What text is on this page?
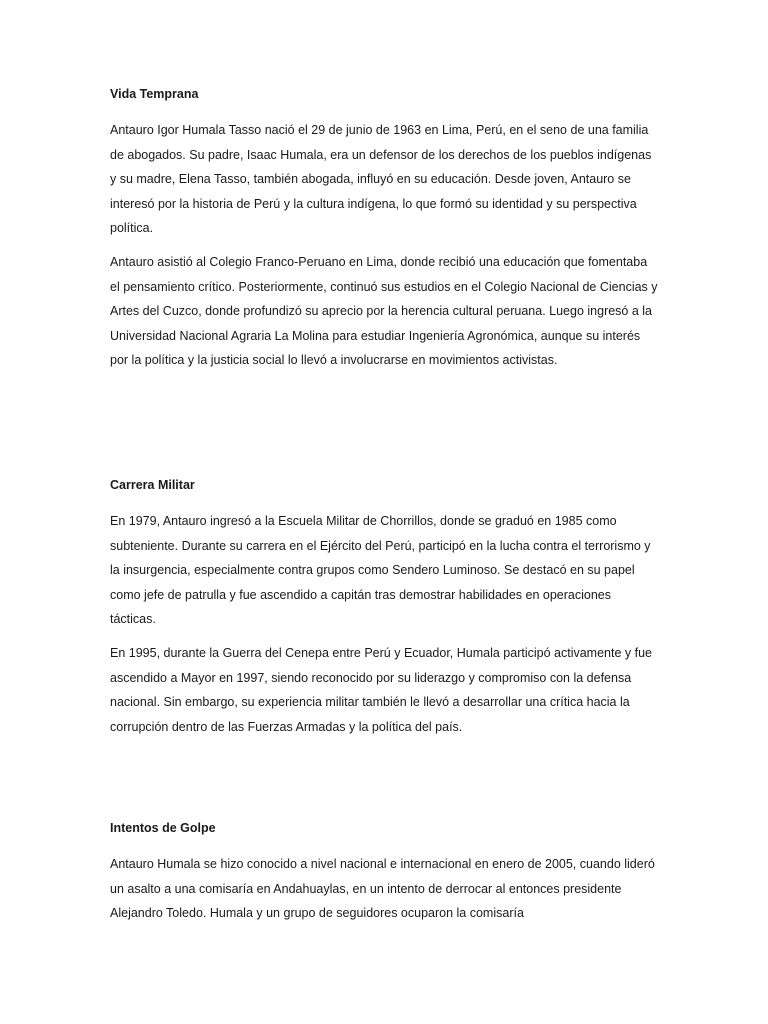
Vida Temprana

Antauro Igor Humala Tasso nació el 29 de junio de 1963 en Lima, Perú, en el seno de una familia de abogados. Su padre, Isaac Humala, era un defensor de los derechos de los pueblos indígenas y su madre, Elena Tasso, también abogada, influyó en su educación. Desde joven, Antauro se interesó por la historia de Perú y la cultura indígena, lo que formó su identidad y su perspectiva política.

Antauro asistió al Colegio Franco-Peruano en Lima, donde recibió una educación que fomentaba el pensamiento crítico. Posteriormente, continuó sus estudios en el Colegio Nacional de Ciencias y Artes del Cuzco, donde profundizó su aprecio por la herencia cultural peruana. Luego ingresó a la Universidad Nacional Agraria La Molina para estudiar Ingeniería Agronómica, aunque su interés por la política y la justicia social lo llevó a involucrarse en movimientos activistas.

Carrera Militar

En 1979, Antauro ingresó a la Escuela Militar de Chorrillos, donde se graduó en 1985 como subteniente. Durante su carrera en el Ejército del Perú, participó en la lucha contra el terrorismo y la insurgencia, especialmente contra grupos como Sendero Luminoso. Se destacó en su papel como jefe de patrulla y fue ascendido a capitán tras demostrar habilidades en operaciones tácticas.

En 1995, durante la Guerra del Cenepa entre Perú y Ecuador, Humala participó activamente y fue ascendido a Mayor en 1997, siendo reconocido por su liderazgo y compromiso con la defensa nacional. Sin embargo, su experiencia militar también le llevó a desarrollar una crítica hacia la corrupción dentro de las Fuerzas Armadas y la política del país.

Intentos de Golpe

Antauro Humala se hizo conocido a nivel nacional e internacional en enero de 2005, cuando lideró un asalto a una comisaría en Andahuaylas, en un intento de derrocar al entonces presidente Alejandro Toledo. Humala y un grupo de seguidores ocuparon la comisaría
